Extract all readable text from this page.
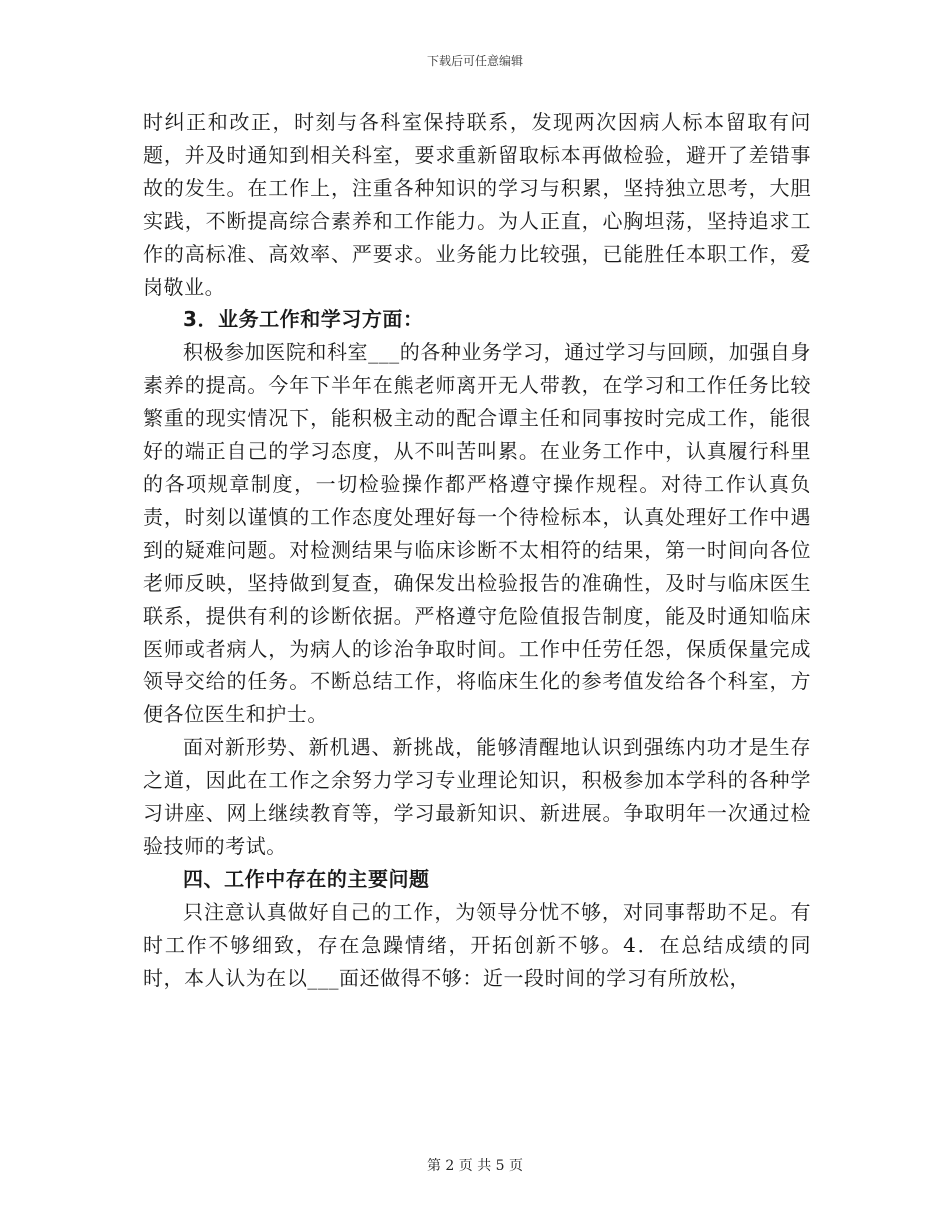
下载后可任意编辑

时纠正和改正，时刻与各科室保持联系，发现两次因病人标本留取有问题，并及时通知到相关科室，要求重新留取标本再做检验，避开了差错事故的发生。在工作上，注重各种知识的学习与积累，坚持独立思考，大胆实践，不断提高综合素养和工作能力。为人正直，心胸坦荡，坚持追求工作的高标准、高效率、严要求。业务能力比较强，已能胜任本职工作，爱岗敬业。

3．业务工作和学习方面：

积极参加医院和科室___的各种业务学习，通过学习与回顾，加强自身素养的提高。今年下半年在熊老师离开无人带教，在学习和工作任务比较繁重的现实情况下，能积极主动的配合谭主任和同事按时完成工作，能很好的端正自己的学习态度，从不叫苦叫累。在业务工作中，认真履行科里的各项规章制度，一切检验操作都严格遵守操作规程。对待工作认真负责，时刻以谨慎的工作态度处理好每一个待检标本，认真处理好工作中遇到的疑难问题。对检测结果与临床诊断不太相符的结果，第一时间向各位老师反映，坚持做到复查，确保发出检验报告的准确性，及时与临床医生联系，提供有利的诊断依据。严格遵守危险值报告制度，能及时通知临床医师或者病人，为病人的诊治争取时间。工作中任劳任怨，保质保量完成领导交给的任务。不断总结工作，将临床生化的参考值发给各个科室，方便各位医生和护士。

面对新形势、新机遇、新挑战，能够清醒地认识到强练内功才是生存之道，因此在工作之余努力学习专业理论知识，积极参加本学科的各种学习讲座、网上继续教育等，学习最新知识、新进展。争取明年一次通过检验技师的考试。

四、工作中存在的主要问题

只注意认真做好自己的工作，为领导分忧不够，对同事帮助不足。有时工作不够细致，存在急躁情绪，开拓创新不够。4．在总结成绩的同时，本人认为在以___面还做得不够：近一段时间的学习有所放松，

第 2 页 共 5 页
